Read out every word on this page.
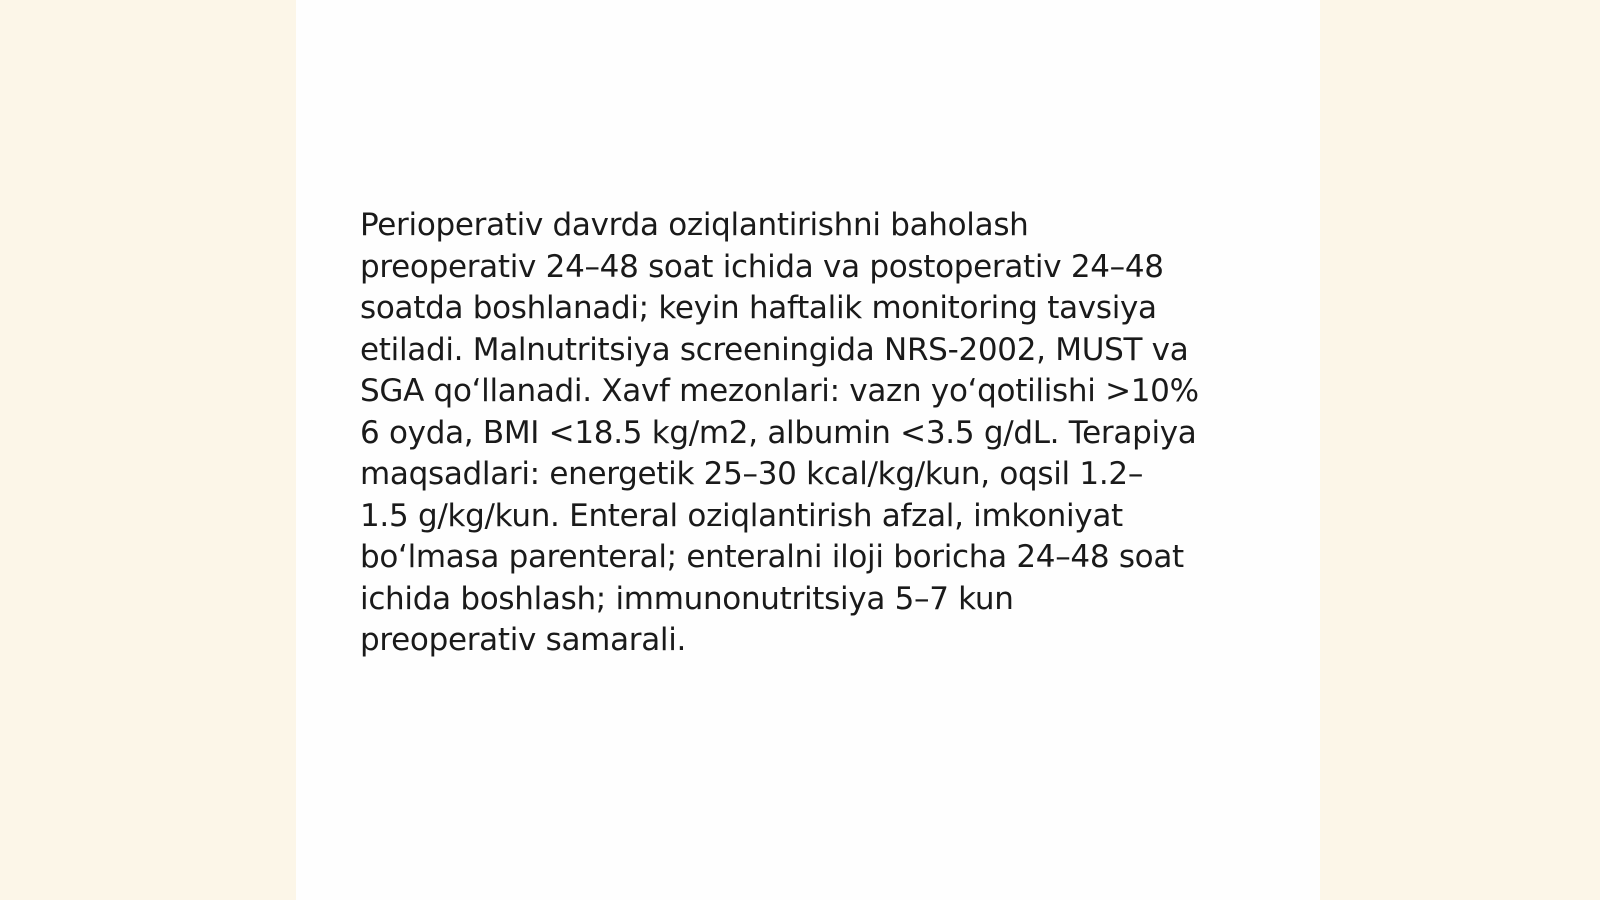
Perioperativ davrda oziqlantirishni baholash
preoperativ 24–48 soat ichida va postoperativ 24–48
soatda boshlanadi; keyin haftalik monitoring tavsiya
etiladi. Malnutritsiya screeningida NRS-2002, MUST va
SGA qoʻllanadi. Xavf mezonlari: vazn yoʻqotilishi >10%
6 oyda, BMI <18.5 kg/m2, albumin <3.5 g/dL. Terapiya
maqsadlari: energetik 25–30 kcal/kg/kun, oqsil 1.2–
1.5 g/kg/kun. Enteral oziqlantirish afzal, imkoniyat
boʻlmasa parenteral; enteralni iloji boricha 24–48 soat
ichida boshlash; immunonutritsiya 5–7 kun
preoperativ samarali.
